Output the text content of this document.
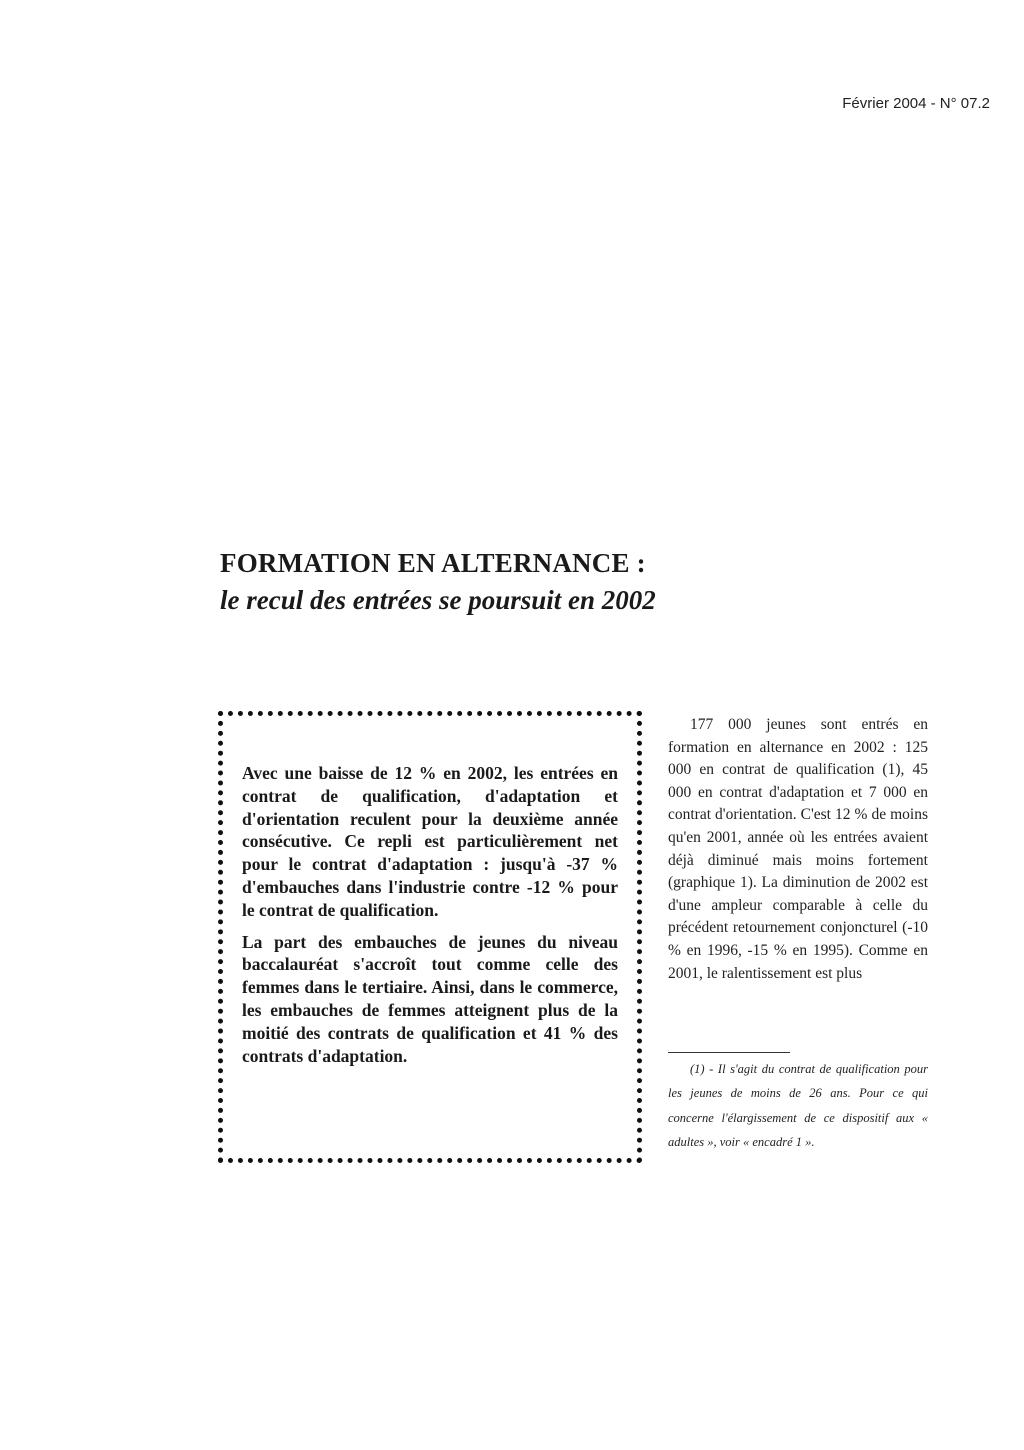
Février 2004 - N° 07.2
FORMATION EN ALTERNANCE :
le recul des entrées se poursuit en 2002

Avec une baisse de 12 % en 2002, les entrées en contrat de qualification, d'adaptation et d'orientation reculent pour la deuxième année consécutive. Ce repli est particulièrement net pour le contrat d'adaptation : jusqu'à -37 % d'embauches dans l'industrie contre -12 % pour le contrat de qualification.

La part des embauches de jeunes du niveau baccalauréat s'accroît tout comme celle des femmes dans le tertiaire. Ainsi, dans le commerce, les embauches de femmes atteignent plus de la moitié des contrats de qualification et 41 % des contrats d'adaptation.

177 000 jeunes sont entrés en formation en alternance en 2002 : 125 000 en contrat de qualification (1), 45 000 en contrat d'adaptation et 7 000 en contrat d'orientation. C'est 12 % de moins qu'en 2001, année où les entrées avaient déjà diminué mais moins fortement (graphique 1). La diminution de 2002 est d'une ampleur comparable à celle du précédent retournement conjoncturel (-10 % en 1996, -15 % en 1995). Comme en 2001, le ralentissement est plus

(1) - Il s'agit du contrat de qualification pour les jeunes de moins de 26 ans. Pour ce qui concerne l'élargissement de ce dispositif aux « adultes », voir « encadré 1 ».
